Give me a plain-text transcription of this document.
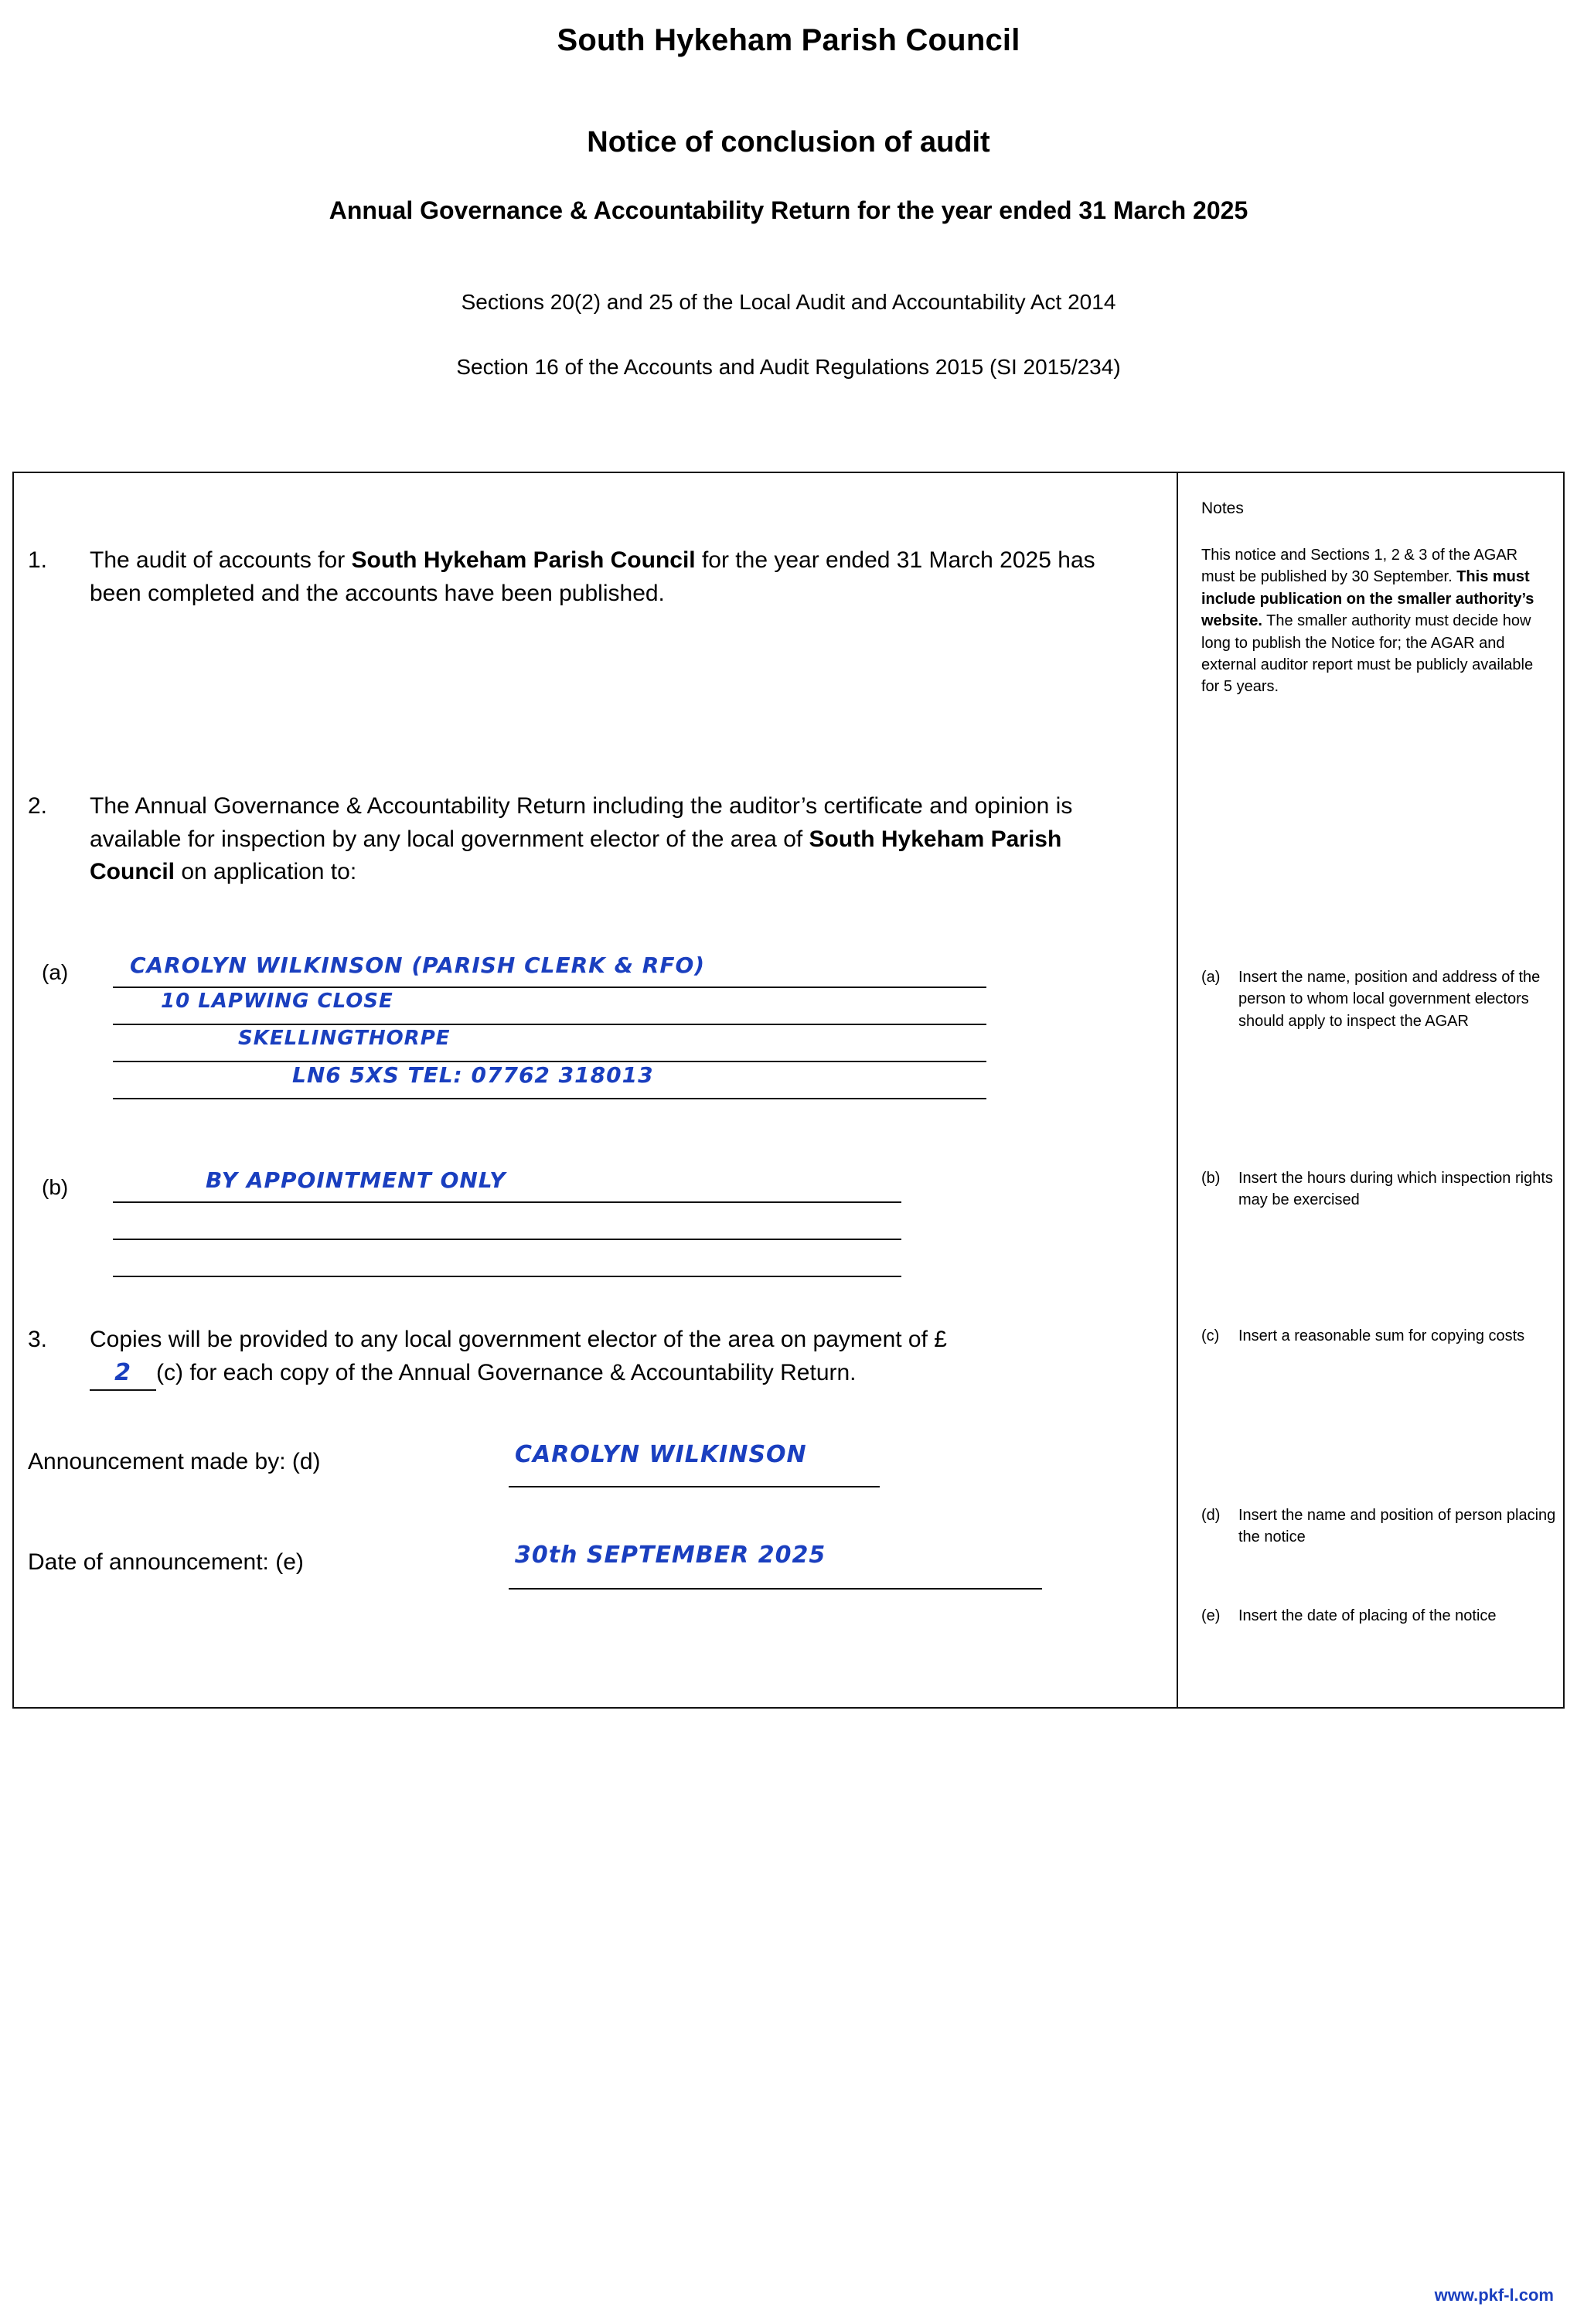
South Hykeham Parish Council
Notice of conclusion of audit
Annual Governance & Accountability Return for the year ended 31 March 2025
Sections 20(2) and 25 of the Local Audit and Accountability Act 2014
Section 16 of the Accounts and Audit Regulations 2015 (SI 2015/234)
1.	The audit of accounts for South Hykeham Parish Council for the year ended 31 March 2025 has been completed and the accounts have been published.
2.	The Annual Governance & Accountability Return including the auditor’s certificate and opinion is available for inspection by any local government elector of the area of South Hykeham Parish Council on application to:
(a)	CAROLYN WILKINSON (PARISH CLERK & RFO)
10 LAPWING CLOSE
SKELLINGTHORPE
LN6 5XS TEL: 07762 318013
(b)	BY APPOINTMENT ONLY
3.	Copies will be provided to any local government elector of the area on payment of £2 (c) for each copy of the Annual Governance & Accountability Return.
Announcement made by: (d)	CAROLYN WILKINSON
Date of announcement: (e)	30th SEPTEMBER 2025
Notes
This notice and Sections 1, 2 & 3 of the AGAR must be published by 30 September. This must include publication on the smaller authority’s website. The smaller authority must decide how long to publish the Notice for; the AGAR and external auditor report must be publicly available for 5 years.
(a)	Insert the name, position and address of the person to whom local government electors should apply to inspect the AGAR
(b)	Insert the hours during which inspection rights may be exercised
(c)	Insert a reasonable sum for copying costs
(d)	Insert the name and position of person placing the notice
(e)	Insert the date of placing of the notice
www.pkf-l.com
